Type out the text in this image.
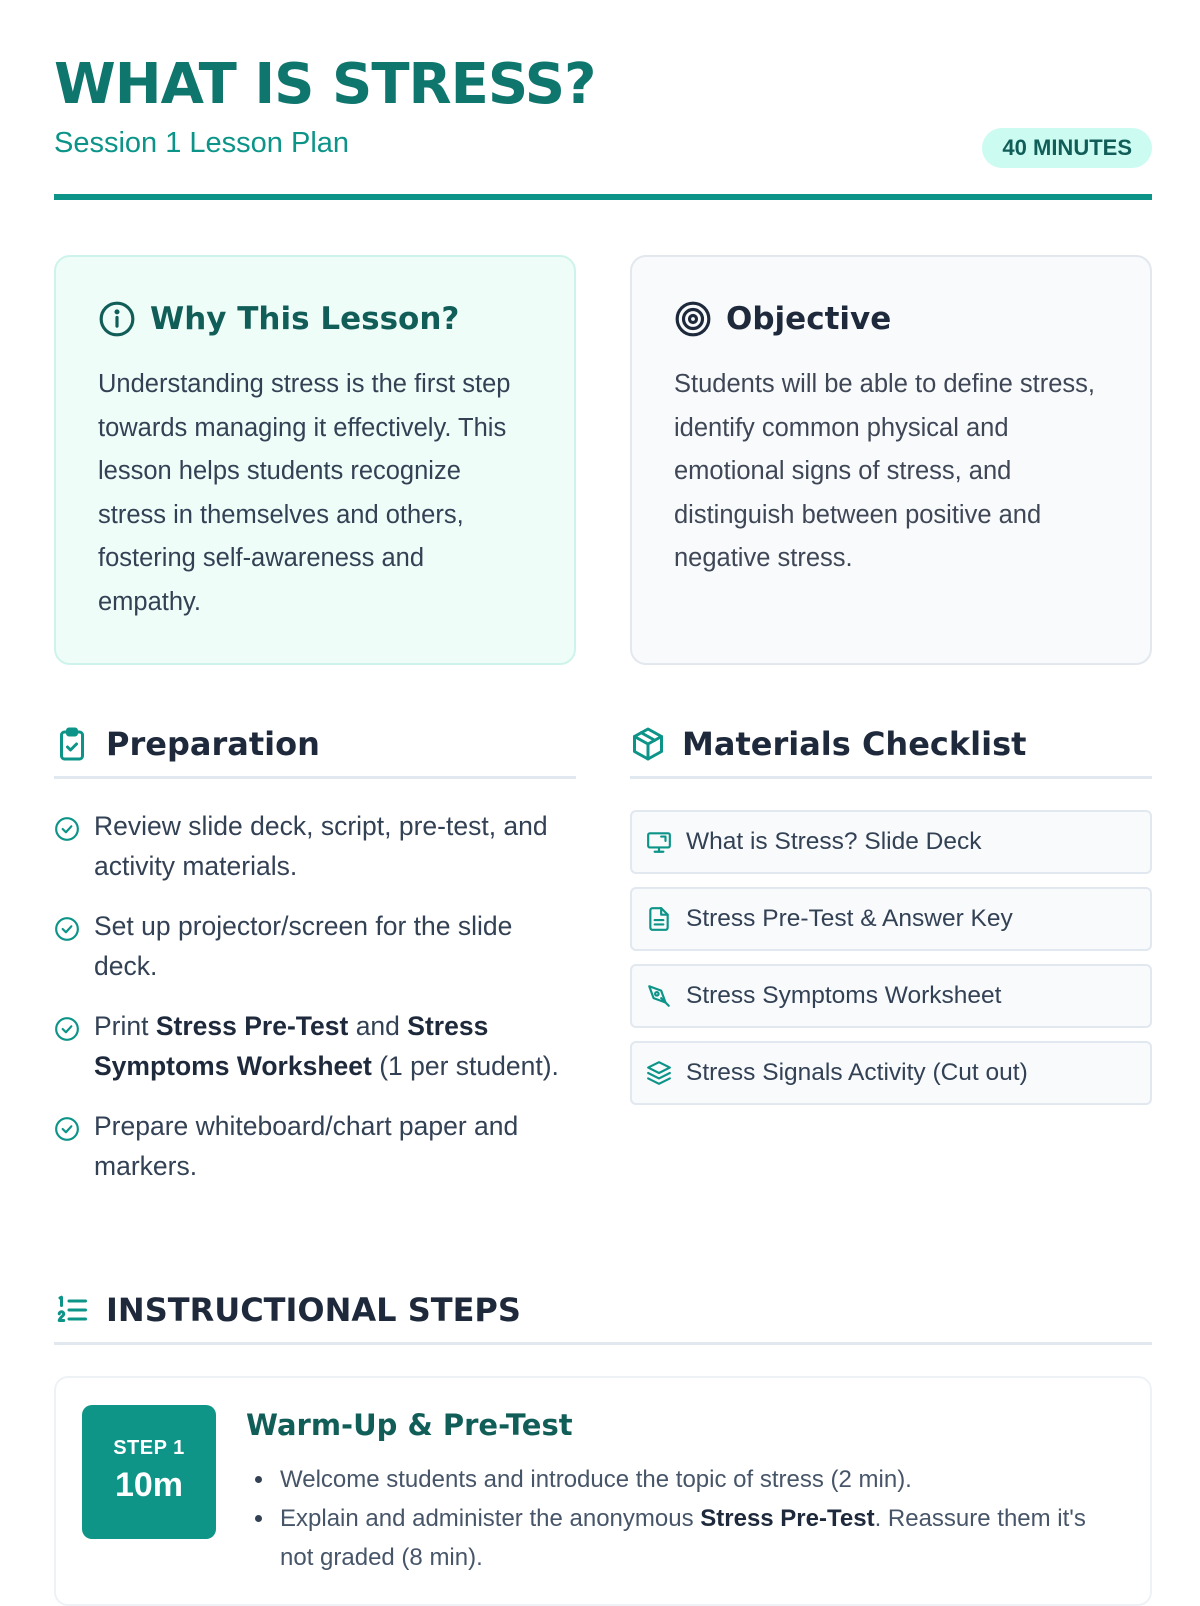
WHAT IS STRESS?
Session 1 Lesson Plan	40 MINUTES
Why This Lesson?
Understanding stress is the first step towards managing it effectively. This lesson helps students recognize stress in themselves and others, fostering self-awareness and empathy.
Objective
Students will be able to define stress, identify common physical and emotional signs of stress, and distinguish between positive and negative stress.
Preparation
Review slide deck, script, pre-test, and activity materials.
Set up projector/screen for the slide deck.
Print Stress Pre-Test and Stress Symptoms Worksheet (1 per student).
Prepare whiteboard/chart paper and markers.
Materials Checklist
What is Stress? Slide Deck
Stress Pre-Test & Answer Key
Stress Symptoms Worksheet
Stress Signals Activity (Cut out)
INSTRUCTIONAL STEPS
STEP 1
10m
Warm-Up & Pre-Test
Welcome students and introduce the topic of stress (2 min).
Explain and administer the anonymous Stress Pre-Test. Reassure them it's not graded (8 min).
